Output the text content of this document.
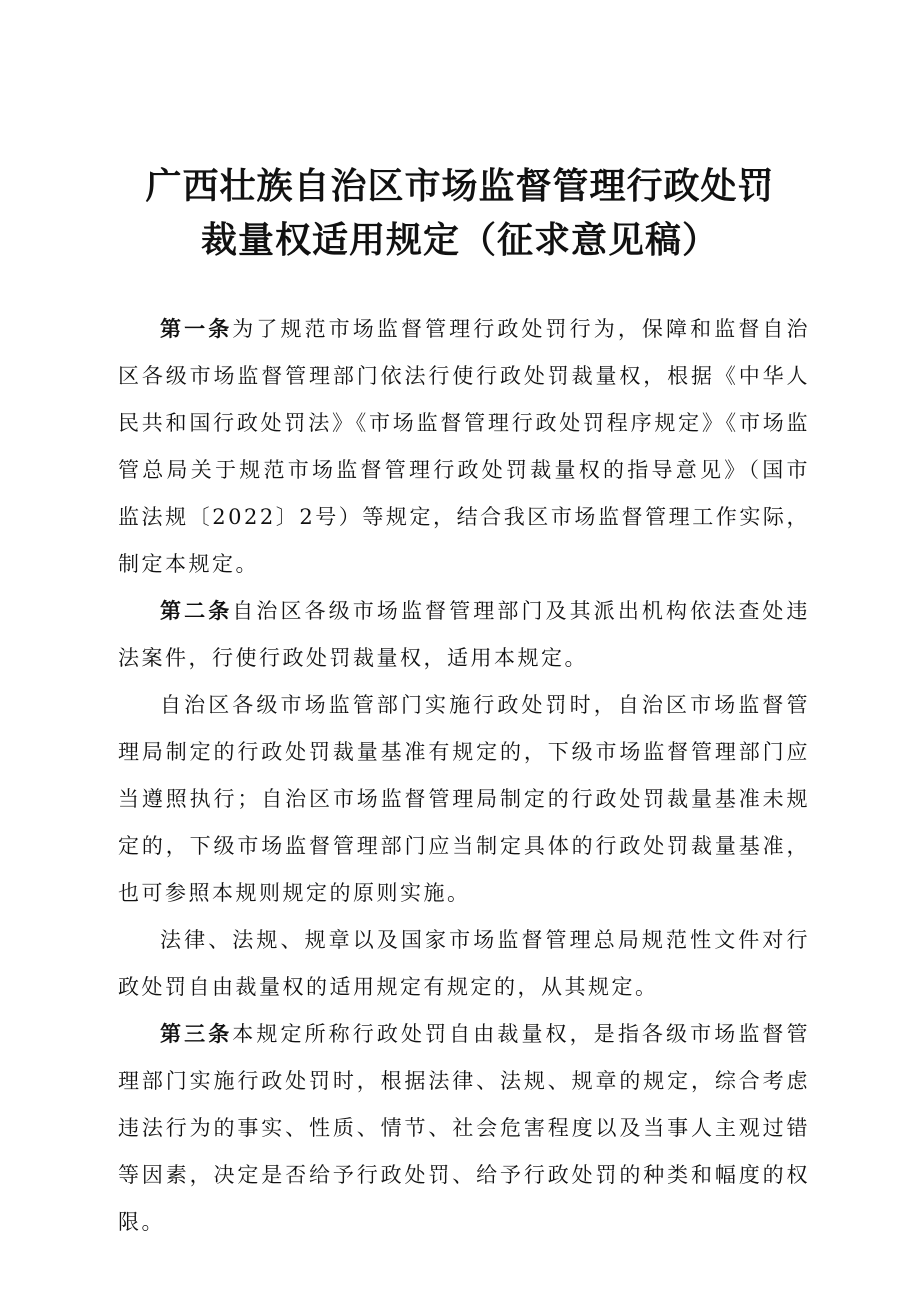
广西壮族自治区市场监督管理行政处罚
裁量权适用规定（征求意见稿）

第一条为了规范市场监督管理行政处罚行为，保障和监督自治区各级市场监督管理部门依法行使行政处罚裁量权，根据《中华人民共和国行政处罚法》《市场监督管理行政处罚程序规定》《市场监管总局关于规范市场监督管理行政处罚裁量权的指导意见》（国市监法规〔2022〕2号）等规定，结合我区市场监督管理工作实际，制定本规定。

第二条自治区各级市场监督管理部门及其派出机构依法查处违法案件，行使行政处罚裁量权，适用本规定。

自治区各级市场监管部门实施行政处罚时，自治区市场监督管理局制定的行政处罚裁量基准有规定的，下级市场监督管理部门应当遵照执行；自治区市场监督管理局制定的行政处罚裁量基准未规定的，下级市场监督管理部门应当制定具体的行政处罚裁量基准，也可参照本规则规定的原则实施。

法律、法规、规章以及国家市场监督管理总局规范性文件对行政处罚自由裁量权的适用规定有规定的，从其规定。

第三条本规定所称行政处罚自由裁量权，是指各级市场监督管理部门实施行政处罚时，根据法律、法规、规章的规定，综合考虑违法行为的事实、性质、情节、社会危害程度以及当事人主观过错等因素，决定是否给予行政处罚、给予行政处罚的种类和幅度的权限。
